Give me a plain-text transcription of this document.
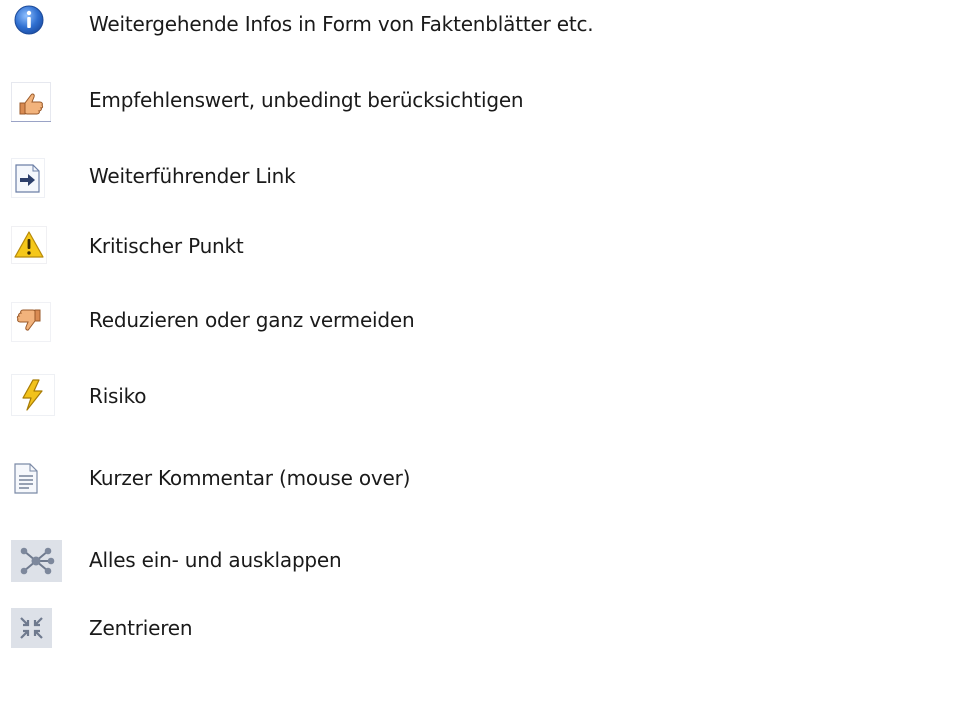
Weitergehende Infos in Form von Faktenblätter etc.
Empfehlenswert, unbedingt berücksichtigen
Weiterführender Link
Kritischer Punkt
Reduzieren oder ganz vermeiden
Risiko
Kurzer Kommentar (mouse over)
Alles ein- und ausklappen
Zentrieren
